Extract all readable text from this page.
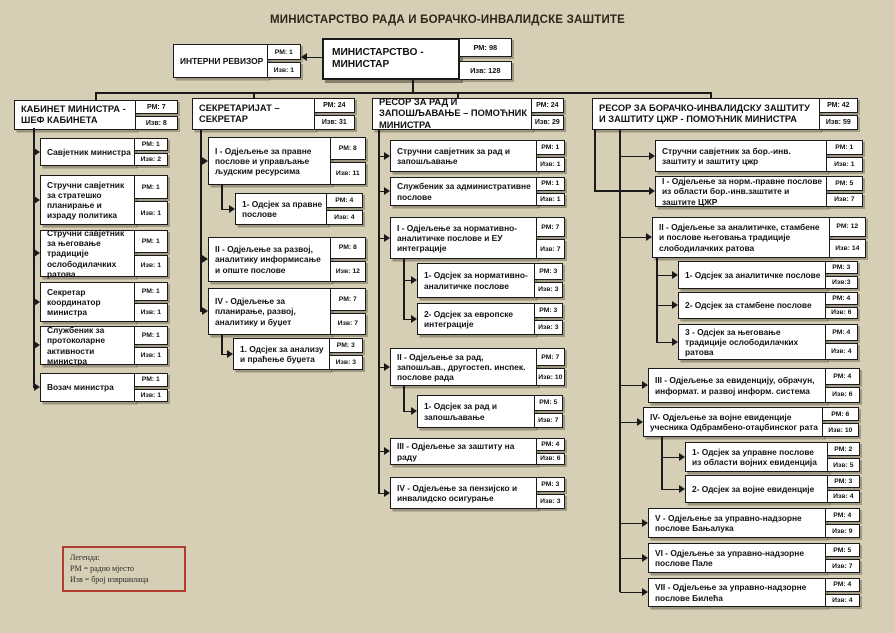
МИНИСТАРСТВО РАДА И БОРАЧКО-ИНВАЛИДСКЕ ЗАШТИТЕ
ИНТЕРНИ РЕВИЗОР
РМ: 1
Изв: 1
МИНИСТАРСТВО - МИНИСТАР
РМ: 98
Изв: 128
КАБИНЕТ МИНИСТРА - ШЕФ КАБИНЕТА
РМ: 7
Изв: 8
Савјетник министра
РМ: 1
Изв: 2
Стручни савјетник за стратешко планирање и израду политика
РМ: 1
Изв: 1
Стручни савјетник за његовање традиције ослободилачких ратова
РМ: 1
Изв: 1
Секретар координатор министра
РМ: 1
Изв: 1
Службеник за протоколарне активности министра
РМ: 1
Изв: 1
Возач министра
РМ: 1
Изв: 1
СЕКРЕТАРИЈАТ – СЕКРЕТАР
РМ: 24
Изв: 31
I - Одјељење за правне послове и управљање људским ресурсима
РМ: 8
Изв: 11
1- Одсјек за правне послове
РМ: 4
Изв: 4
II - Одјељење за развој, аналитику информисање и опште послове
РМ: 8
Изв: 12
IV - Одјељење за планирање, развој, аналитику и буџет
РМ: 7
Изв: 7
1. Одсјек за анализу и праћење буџета
РМ: 3
Изв: 3
РЕСОР ЗА РАД И ЗАПОШЉАВАЊЕ – ПОМОЋНИК МИНИСТРА
РМ: 24
Изв: 29
Стручни савјетник за рад и запошљавање
РМ: 1
Изв: 1
Службеник за административне послове
РМ: 1
Изв: 1
I - Одјељење за нормативно-аналитичке послове и ЕУ интеграције
РМ: 7
Изв: 7
1- Одсјек за нормативно-аналитичке послове
РМ: 3
Изв: 3
2- Одсјек за европске интеграције
РМ: 3
Изв: 3
II - Одјељење за рад, запошљав., другостеп. инспек. послове рада
РМ: 7
Изв: 10
1- Одсјек за рад и запошљавање
РМ: 5
Изв: 7
III - Одјељење за заштиту на раду
РМ: 4
Изв: 6
IV - Одјељење за пензијско и инвалидско осигурање
РМ: 3
Изв: 3
РЕСОР ЗА БОРАЧКО-ИНВАЛИДСКУ ЗАШТИТУ И ЗАШТИТУ ЦЖР - ПОМОЋНИК МИНИСТРА
РМ: 42
Изв: 59
Стручни савјетник за бор.-инв. заштиту и заштиту цжр
РМ: 1
Изв: 1
I - Одјељење за норм.-правне послове из области бор.-инв.заштите и заштите ЦЖР
РМ: 5
Изв: 7
II - Одјељење за аналитичке, стамбене и послове његовања традиције слободилачких ратова
РМ: 12
Изв: 14
1- Одсјек за аналитичке послове
РМ: 3
Изв:3
2- Одсјек за стамбене послове
РМ: 4
Изв: 6
3 - Одсјек за његовање традиције ослободилачких ратова
РМ: 4
Изв: 4
III - Одјељење за евиденцију, обрачун, информат. и развој информ. система
РМ: 4
Изв: 6
IV- Одјељење за војне евиденције учесника Одбрамбено-отаџбинског рата
РМ: 6
Изв: 10
1- Одсјек за управне послове из области војних евиденција
РМ: 2
Изв: 5
2- Одсјек за војне евиденције
РМ: 3
Изв: 4
V - Одјељење за управно-надзорне послове Бањалука
РМ: 4
Изв: 9
VI - Одјељење за управно-надзорне послове Пале
РМ: 5
Изв: 7
VII - Одјељење за управно-надзорне послове Билећа
РМ: 4
Изв: 4
Легенда:
РМ = радно мјесто
Изв = број извршилаца
